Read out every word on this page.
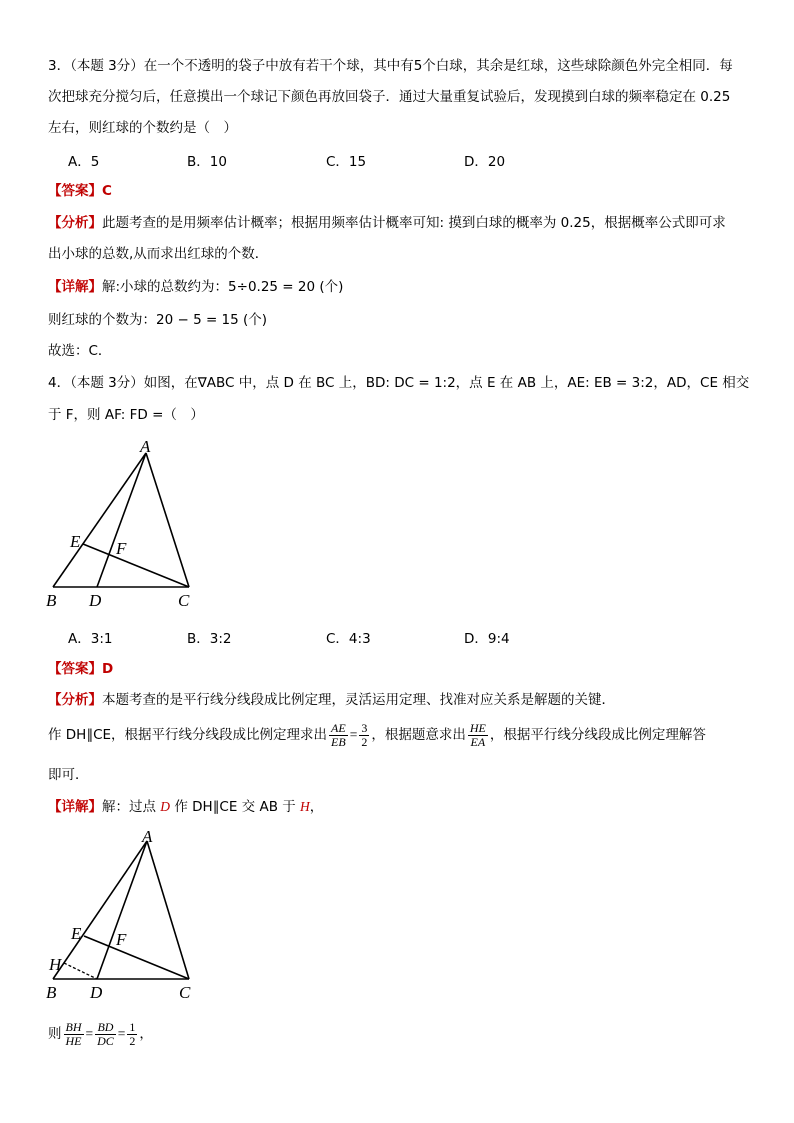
3．（本题 3分）在一个不透明的袋子中放有若干个球，其中有5个白球，其余是红球，这些球除颜色外完全相同．每
次把球充分搅匀后，任意摸出一个球记下颜色再放回袋子．通过大量重复试验后，发现摸到白球的频率稳定在 0.25
左右，则红球的个数约是（　）
A．5	B．10	C．15	D．20
【答案】C
【分析】此题考查的是用频率估计概率；根据用频率估计概率可知: 摸到白球的概率为 0.25，根据概率公式即可求
出小球的总数,从而求出红球的个数．
【详解】解:小球的总数约为：5÷0.25 = 20 (个)
则红球的个数为：20 − 5 = 15 (个)
故选：C．
4．（本题 3分）如图，在∇ABC 中，点 D 在 BC 上，BD: DC = 1:2，点 E 在 AB 上，AE: EB = 3:2，AD，CE 相交
于 F，则 AF: FD =（　）
A
B	C
D
E F
A．3:1	B．3:2	C．4:3	D．9:4
【答案】D
【分析】本题考查的是平行线分线段成比例定理，灵活运用定理、找准对应关系是解题的关键．
作 DH∥CE，根据平行线分线段成比例定理求出 $\frac{AE}{EB} = \frac{3}{2}$ ，根据题意求出 $\frac{HE}{EA}$ ，根据平行线分线段成比例定理解答
即可．
【详解】解：过点 D 作 DH∥CE 交 AB 于 H，
A
B	C
D
E F
H
则 $\frac{BH}{HE} = \frac{BD}{DC} = \frac{1}{2}$ ，
